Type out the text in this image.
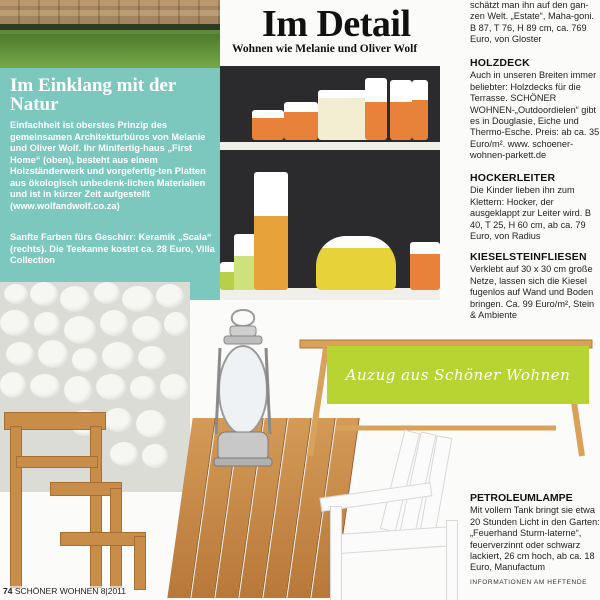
Im Detail
Wohnen wie Melanie und Oliver Wolf
Im Einklang mit der Natur

Einfachheit ist oberstes Prinzip des gemeinsamen Architekturbüros von Melanie und Oliver Wolf. Ihr Minifertig-haus „First Home“ (oben), besteht aus einem Holzständerwerk und vorgefertig-ten Platten aus ökologisch unbedenk-lichen Materialien und ist in kürzer Zeit aufgestellt (www.wolfandwolf.co.za)

Sanfte Farben fürs Geschirr: Keramik „Scala“ (rechts). Die Teekanne kostet ca. 28 Euro, Villa Collection

schätzt man ihn auf den gan-zen Welt. „Estate“, Maha-goni. B 87, T 76, H 89 cm, ca. 769 Euro, von Gloster

HOLZDECK

Auch in unseren Breiten immer beliebter: Holzdecks für die Terrasse. SCHÖNER WOHNEN-„Outdoordielen“ gibt es in Douglasie, Eiche und Thermo-Esche. Preis: ab ca. 35 Euro/m². www. schoener-wohnen-parkett.de

HOCKERLEITER

Die Kinder lieben ihn zum Klettern: Hocker, der ausgeklappt zur Leiter wird. B 40, T 25, H 60 cm, ab ca. 79 Euro, von Radius

KIESELSTEINFLIESEN

Verklebt auf 30 x 30 cm große Netze, lassen sich die Kiesel fugenlos auf Wand und Boden bringen. Ca. 99 Euro/m², Stein & Ambiente

Auzug aus Schöner Wohnen
PETROLEUMLAMPE

Mit vollem Tank bringt sie etwa 20 Stunden Licht in den Garten: „Feuerhand Sturm-laterne“, feuerverzinnt oder schwarz lackiert, 26 cm hoch, ab ca. 18 Euro, Manufactum

INFORMATIONEN AM HEFTENDE

74 SCHÖNER WOHNEN 8|2011
